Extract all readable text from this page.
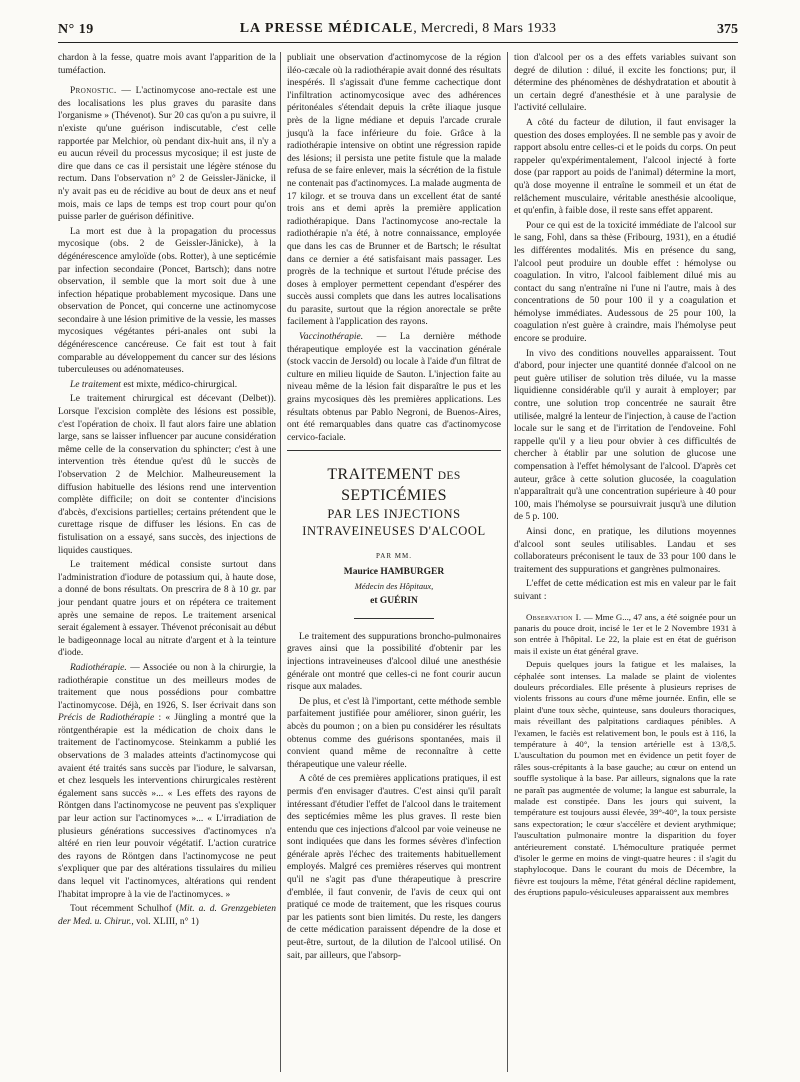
N° 19	LA PRESSE MÉDICALE, Mercredi, 8 Mars 1933	375

chardon à la fesse, quatre mois avant l'apparition de la tuméfaction.

Pronostic. — L'actinomycose ano-rectale est une des localisations les plus graves du parasite dans l'organisme » (Thévenot). Sur 20 cas qu'on a pu suivre, il n'existe qu'une guérison indiscutable, c'est celle rapportée par Melchior, où pendant dix-huit ans, il n'y a eu aucun réveil du processus mycosique; il est juste de dire que dans ce cas il persistait une légère sténose du rectum. Dans l'observation n° 2 de Geissler-Jänicke, il n'y avait pas eu de récidive au bout de deux ans et neuf mois, mais ce laps de temps est trop court pour qu'on puisse parler de guérison définitive.

La mort est due à la propagation du processus mycosique (obs. 2 de Geissler-Jänicke), à la dégénérescence amyloïde (obs. Rotter), à une septicémie par infection secondaire (Poncet, Bartsch); dans notre observation, il semble que la mort soit due à une infection hépatique probablement mycosique. Dans une observation de Poncet, qui concerne une actinomycose secondaire à une lésion primitive de la vessie, les masses mycosiques végétantes péri-anales ont subi la dégénérescence cancéreuse. Ce fait est tout à fait comparable au développement du cancer sur des lésions tuberculeuses ou adénomateuses.

Le traitement est mixte, médico-chirurgical.

Le traitement chirurgical est décevant (Delbet)). Lorsque l'excision complète des lésions est possible, c'est l'opération de choix. Il faut alors faire une ablation large, sans se laisser influencer par aucune considération même celle de la conservation du sphincter; c'est à une intervention très étendue qu'est dû le succès de l'observation 2 de Melchior. Malheureusement la diffusion habituelle des lésions rend une intervention complète difficile; on doit se contenter d'incisions d'abcès, d'excisions partielles; certains prétendent que le curettage risque de diffuser les lésions. En cas de fistulisation on a essayé, sans succès, des injections de liquides caustiques.

Le traitement médical consiste surtout dans l'administration d'iodure de potassium qui, à haute dose, a donné de bons résultats. On prescrira de 8 à 10 gr. par jour pendant quatre jours et on répétera ce traitement après une semaine de repos. Le traitement arsenical serait également à essayer. Thévenot préconisait au début le badigeonnage local au nitrate d'argent et à la teinture d'iode.

Radiothérapie. — Associée ou non à la chirurgie, la radiothérapie constitue un des meilleurs modes de traitement que nous possédions pour combattre l'actinomycose. Déjà, en 1926, S. Iser écrivait dans son Précis de Radiothérapie : « Jüngling a montré que la röntgenthérapie est la médication de choix dans le traitement de l'actinomycose. Steinkamm a publié les observations de 3 malades atteints d'actinomycose qui avaient été traités sans succès par l'iodure, le salvarsan, et chez lesquels les interventions chirurgicales restèrent également sans succès »... « Les effets des rayons de Röntgen dans l'actinomycose ne peuvent pas s'expliquer par leur action sur l'actinomyces »... « L'irradiation de plusieurs générations successives d'actinomyces n'a altéré en rien leur pouvoir végétatif. L'action curatrice des rayons de Röntgen dans l'actinomycose ne peut s'expliquer que par des altérations tissulaires du milieu dans lequel vit l'actinomyces, altérations qui rendent l'habitat impropre à la vie de l'actinomyces. »

Tout récemment Schulhof (Mit. a. d. Grenzgebieten der Med. u. Chirur., vol. XLIII, n° 1)

publiait une observation d'actinomycose de la région iléo-cæcale où la radiothérapie avait donné des résultats inespérés. Il s'agissait d'une femme cachectique dont l'infiltration actinomycosique avec des adhérences péritonéales s'étendait depuis la crête iliaque jusque près de la ligne médiane et depuis l'arcade crurale jusqu'à la face inférieure du foie. Grâce à la radiothérapie intensive on obtint une régression rapide des lésions; il persista une petite fistule que la malade refusa de se faire enlever, mais la sécrétion de la fistule ne contenait pas d'actinomyces. La malade augmenta de 17 kilogr. et se trouva dans un excellent état de santé trois ans et demi après la première application radiothérapique. Dans l'actinomycose ano-rectale la radiothérapie n'a été, à notre connaissance, employée que dans les cas de Brunner et de Bartsch; le résultat dans ce dernier a été satisfaisant mais passager. Les progrès de la technique et surtout l'étude précise des doses à employer permettent cependant d'espérer des succès aussi complets que dans les autres localisations du parasite, surtout que la région anorectale se prête facilement à l'application des rayons.

Vaccinothérapie. — La dernière méthode thérapeutique employée est la vaccination générale (stock vaccin de Jersold) ou locale à l'aide d'un filtrat de culture en milieu liquide de Sauton. L'injection faite au niveau même de la lésion fait disparaître le pus et les grains mycosiques dès les premières applications. Les résultats obtenus par Pablo Negroni, de Buenos-Aires, ont été remarquables dans quatre cas d'actinomycose cervico-faciale.

TRAITEMENT DES SEPTICÉMIES
PAR LES INJECTIONS
INTRAVEINEUSES D'ALCOOL
PAR MM.
Maurice HAMBURGER
Médecin des Hôpitaux,
et GUÉRIN

Le traitement des suppurations broncho-pulmonaires graves ainsi que la possibilité d'obtenir par les injections intraveineuses d'alcool dilué une anesthésie générale ont montré que celles-ci ne font courir aucun risque aux malades.

De plus, et c'est là l'important, cette méthode semble parfaitement justifiée pour améliorer, sinon guérir, les abcès du poumon ; on a bien pu considérer les résultats obtenus comme des guérisons spontanées, mais il convient quand même de reconnaître à cette thérapeutique une valeur réelle.

A côté de ces premières applications pratiques, il est permis d'en envisager d'autres. C'est ainsi qu'il paraît intéressant d'étudier l'effet de l'alcool dans le traitement des septicémies même les plus graves. Il reste bien entendu que ces injections d'alcool par voie veineuse ne sont indiquées que dans les formes sévères d'infection générale après l'échec des traitements habituellement employés. Malgré ces premières réserves qui montrent qu'il ne s'agit pas d'une thérapeutique à prescrire d'emblée, il faut convenir, de l'avis de ceux qui ont pratiqué ce mode de traitement, que les risques courus par les patients sont bien limités. Du reste, les dangers de cette médication paraissent dépendre de la dose et peut-être, surtout, de la dilution de l'alcool utilisé. On sait, par ailleurs, que l'absorp-

tion d'alcool per os a des effets variables suivant son degré de dilution : dilué, il excite les fonctions; pur, il détermine des phénomènes de déshydratation et aboutit à un certain degré d'anesthésie et à une paralysie de l'activité cellulaire.

A côté du facteur de dilution, il faut envisager la question des doses employées. Il ne semble pas y avoir de rapport absolu entre celles-ci et le poids du corps. On peut rappeler qu'expérimentalement, l'alcool injecté à forte dose (par rapport au poids de l'animal) détermine la mort, qu'à dose moyenne il entraîne le sommeil et un état de relâchement musculaire, véritable anesthésie alcoolique, et qu'enfin, à faible dose, il reste sans effet apparent.

Pour ce qui est de la toxicité immédiate de l'alcool sur le sang, Fohl, dans sa thèse (Fribourg, 1931), en a étudié les différentes modalités. Mis en présence du sang, l'alcool peut produire un double effet : hémolyse ou coagulation. In vitro, l'alcool faiblement dilué mis au contact du sang n'entraîne ni l'une ni l'autre, mais à des concentrations de 50 pour 100 il y a coagulation et hémolyse immédiates. Audessous de 25 pour 100, la coagulation n'est guère à craindre, mais l'hémolyse peut encore se produire.

In vivo des conditions nouvelles apparaissent. Tout d'abord, pour injecter une quantité donnée d'alcool on ne peut guère utiliser de solution très diluée, vu la masse liquidienne considérable qu'il y aurait à employer; par contre, une solution trop concentrée ne saurait être utilisée, malgré la lenteur de l'injection, à cause de l'action locale sur le sang et de l'irritation de l'endoveine. Fohl rappelle qu'il y a lieu pour obvier à ces difficultés de chercher à établir par une solution de glucose une compensation à l'effet hémolysant de l'alcool. D'après cet auteur, grâce à cette solution glucosée, la coagulation n'apparaîtrait qu'à une concentration supérieure à 40 pour 100, mais l'hémolyse se poursuivrait jusqu'à une dilution de 5 p. 100.

Ainsi donc, en pratique, les dilutions moyennes d'alcool sont seules utilisables. Landau et ses collaborateurs préconisent le taux de 33 pour 100 dans le traitement des suppurations et gangrènes pulmonaires.

L'effet de cette médication est mis en valeur par le fait suivant :

Observation I. — Mme G..., 47 ans, a été soignée pour un panaris du pouce droit, incisé le 1er et le 2 Novembre 1931 à son entrée à l'hôpital. Le 22, la plaie est en état de guérison mais il existe un état général grave.

Depuis quelques jours la fatigue et les malaises, la céphalée sont intenses. La malade se plaint de violentes douleurs précordiales. Elle présente à plusieurs reprises de violents frissons au cours d'une même journée. Enfin, elle se plaint d'une toux sèche, quinteuse, sans douleurs thoraciques, mais réveillant des palpitations cardiaques pénibles. A l'examen, le faciès est relativement bon, le pouls est à 116, la température à 40°, la tension artérielle est à 13/8,5. L'auscultation du poumon met en évidence un petit foyer de râles sous-crépitants à la base gauche; au cœur on entend un souffle systolique à la base. Par ailleurs, signalons que la rate ne paraît pas augmentée de volume; la langue est saburrale, la malade est constipée. Dans les jours qui suivent, la température est toujours aussi élevée, 39°-40°, la toux persiste sans expectoration; le cœur s'accélère et devient arythmique; l'auscultation pulmonaire montre la disparition du foyer antérieurement constaté. L'hémoculture pratiquée permet d'isoler le germe en moins de vingt-quatre heures : il s'agit du staphylocoque. Dans le courant du mois de Décembre, la fièvre est toujours la même, l'état général décline rapidement, des éruptions papulo-vésiculeuses apparaissent aux membres
